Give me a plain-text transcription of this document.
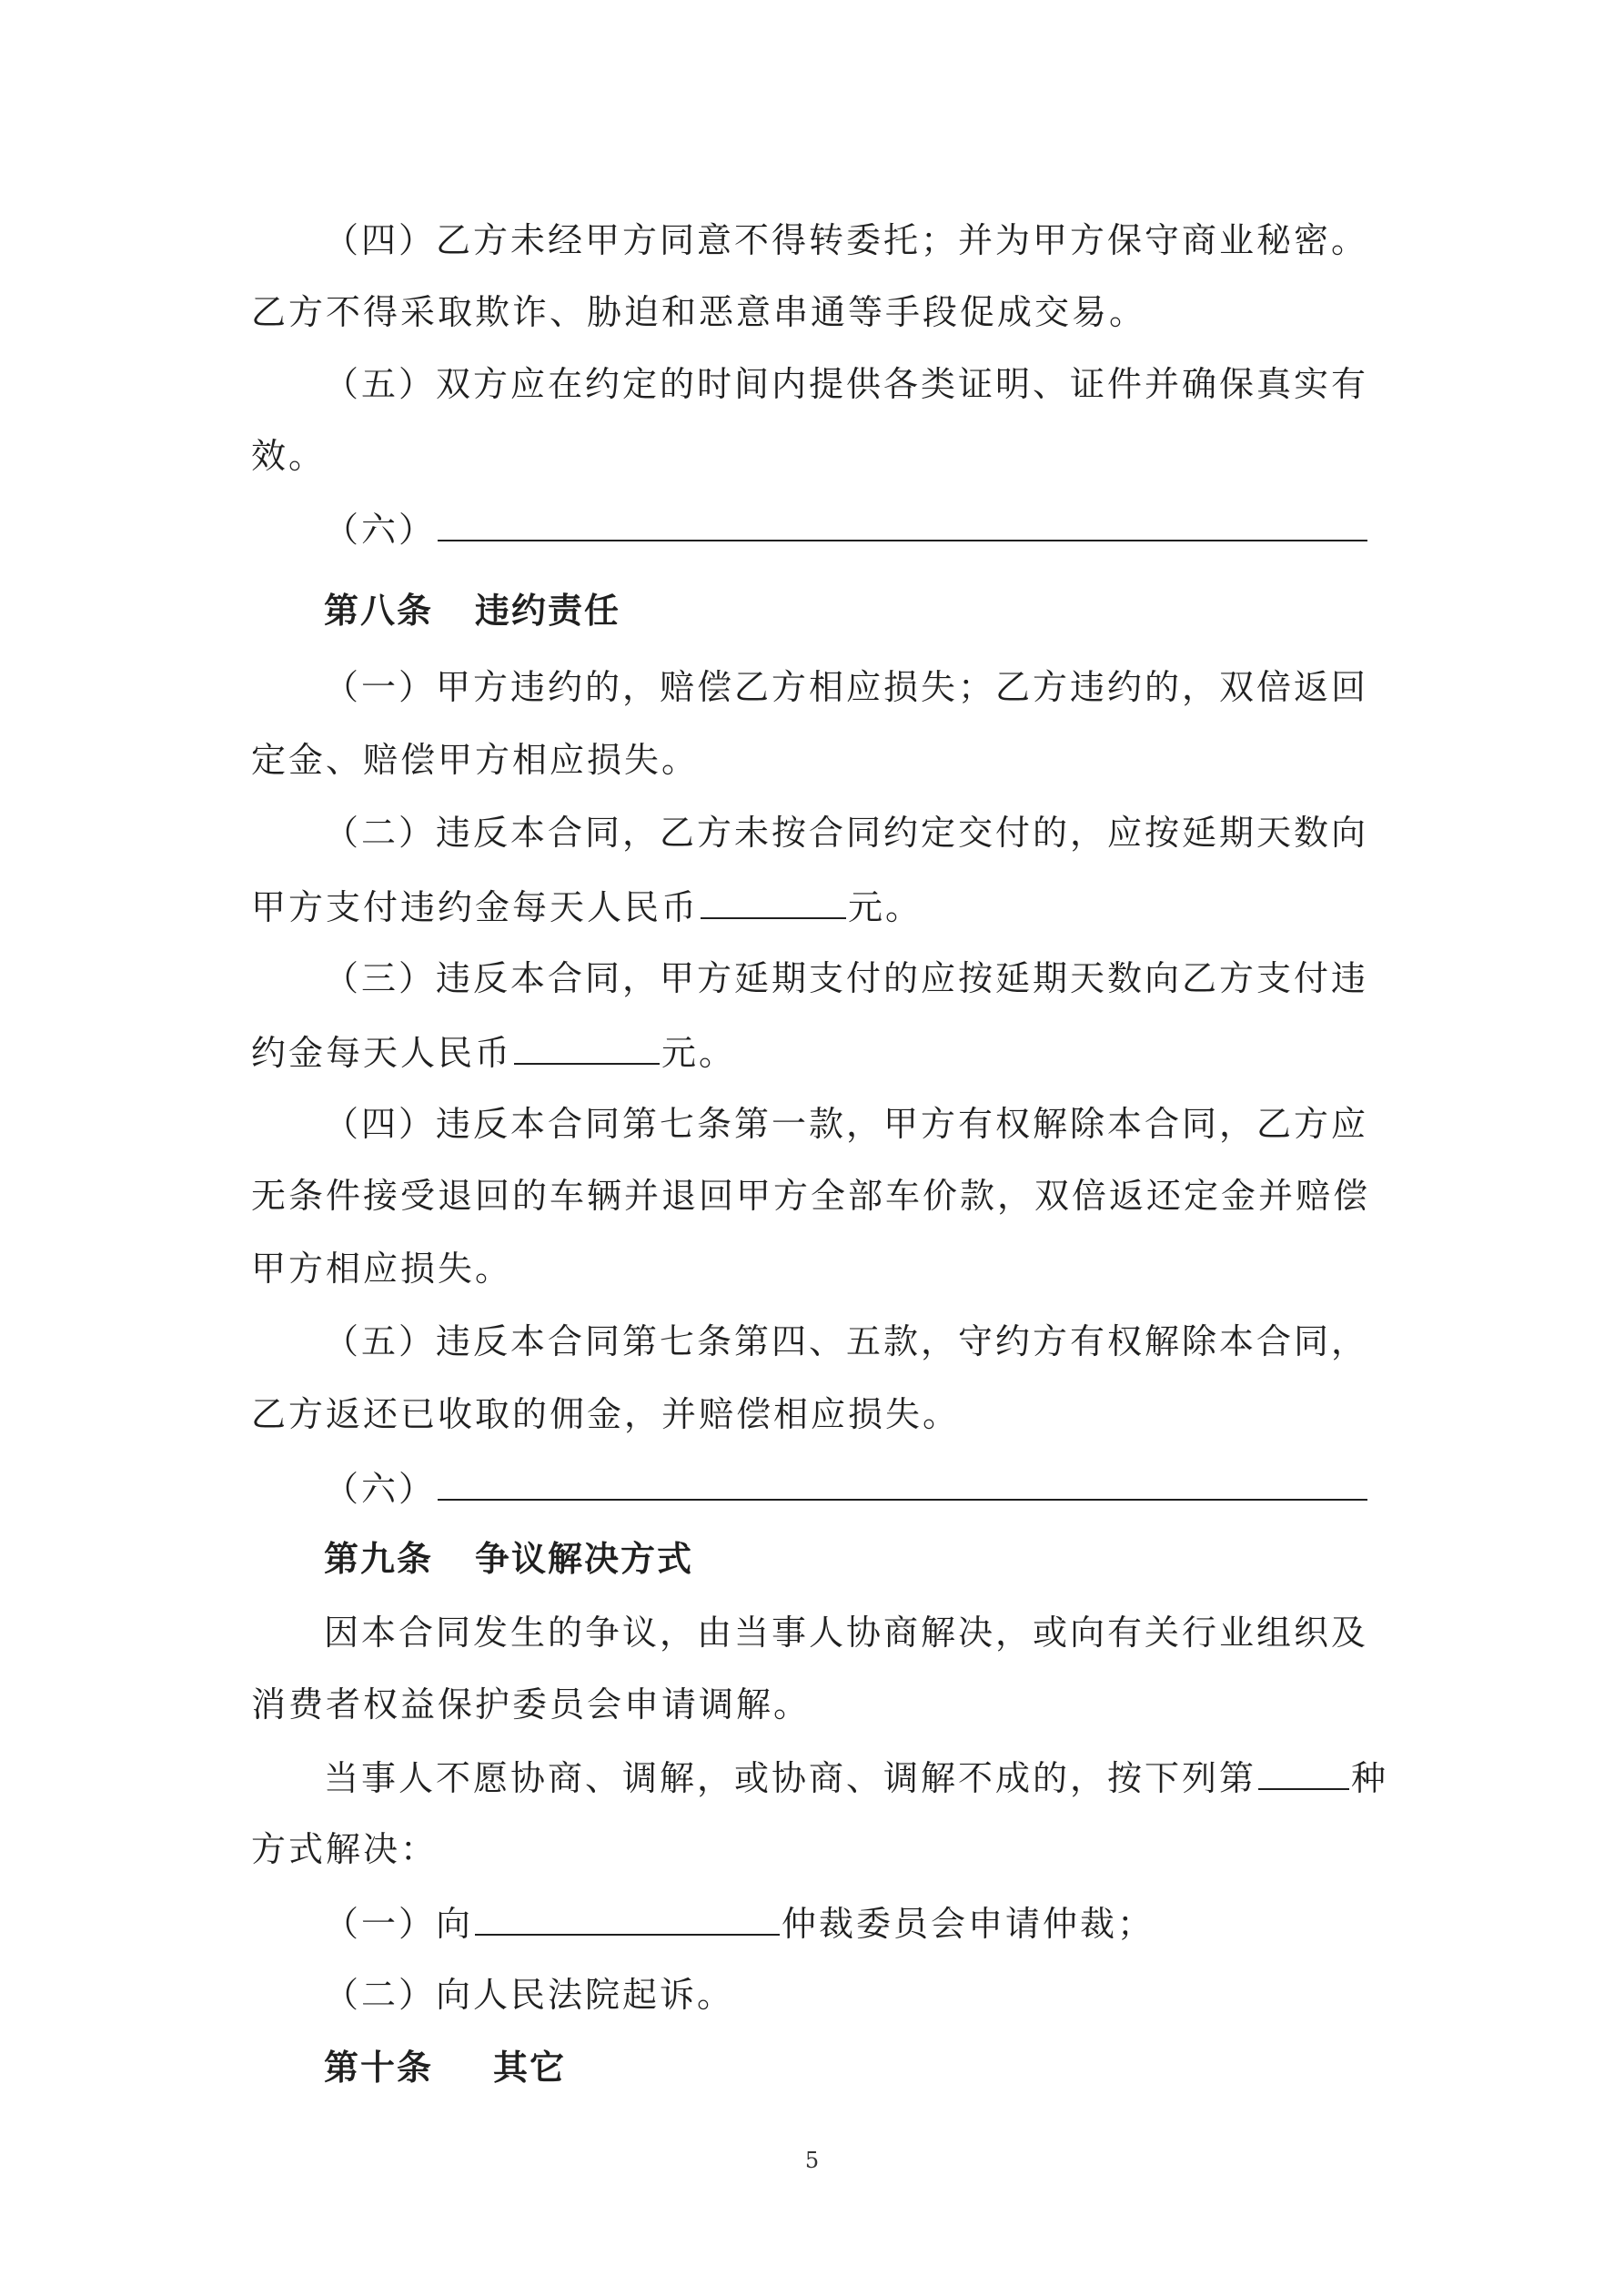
（四）乙方未经甲方同意不得转委托；并为甲方保守商业秘密。
乙方不得采取欺诈、胁迫和恶意串通等手段促成交易。
（五）双方应在约定的时间内提供各类证明、证件并确保真实有
效。
（六）
第八条 违约责任
（一）甲方违约的，赔偿乙方相应损失；乙方违约的，双倍返回
定金、赔偿甲方相应损失。
（二）违反本合同，乙方未按合同约定交付的，应按延期天数向
甲方支付违约金每天人民币	元。
（三）违反本合同，甲方延期支付的应按延期天数向乙方支付违
约金每天人民币	元。
（四）违反本合同第七条第一款，甲方有权解除本合同，乙方应
无条件接受退回的车辆并退回甲方全部车价款，双倍返还定金并赔偿
甲方相应损失。
（五）违反本合同第七条第四、五款，守约方有权解除本合同，
乙方返还已收取的佣金，并赔偿相应损失。
（六）
第九条 争议解决方式
因本合同发生的争议，由当事人协商解决，或向有关行业组织及
消费者权益保护委员会申请调解。
当事人不愿协商、调解，或协商、调解不成的，按下列第	种
方式解决：
（一）向	仲裁委员会申请仲裁；
（二）向人民法院起诉。
第十条 其它
5
